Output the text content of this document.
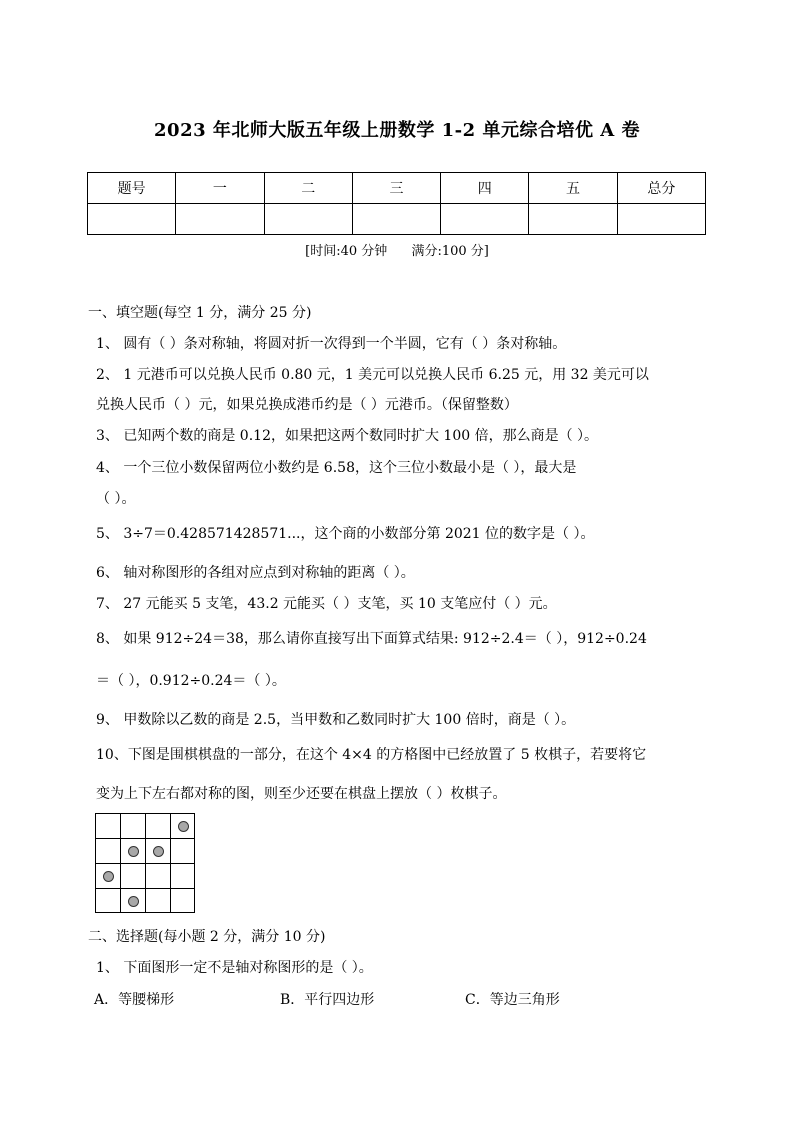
2023 年北师大版五年级上册数学 1-2 单元综合培优 A 卷
题号	一	二	三	四	五	总分

[时间:40 分钟 满分:100 分]
一、填空题(每空 1 分，满分 25 分)
1、 圆有（ ）条对称轴，将圆对折一次得到一个半圆，它有（ ）条对称轴。
2、 1 元港币可以兑换人民币 0.80 元，1 美元可以兑换人民币 6.25 元，用 32 美元可以
兑换人民币（ ）元，如果兑换成港币约是（ ）元港币。（保留整数）
3、 已知两个数的商是 0.12，如果把这两个数同时扩大 100 倍，那么商是（ ）。
4、 一个三位小数保留两位小数约是 6.58，这个三位小数最小是（ ），最大是
（ ）。
5、 3÷7＝0.428571428571...，这个商的小数部分第 2021 位的数字是（ ）。
6、 轴对称图形的各组对应点到对称轴的距离（ ）。
7、 27 元能买 5 支笔，43.2 元能买（ ）支笔，买 10 支笔应付（ ）元。
8、 如果 912÷24＝38，那么请你直接写出下面算式结果: 912÷2.4＝（ ），912÷0.24
＝（ ），0.912÷0.24＝（ ）。
9、 甲数除以乙数的商是 2.5，当甲数和乙数同时扩大 100 倍时，商是（ ）。
10、下图是围棋棋盘的一部分，在这个 4×4 的方格图中已经放置了 5 枚棋子，若要将它
变为上下左右都对称的图，则至少还要在棋盘上摆放（ ）枚棋子。
二、选择题(每小题 2 分，满分 10 分)
1、 下面图形一定不是轴对称图形的是（ ）。
A．等腰梯形	B．平行四边形	C．等边三角形
